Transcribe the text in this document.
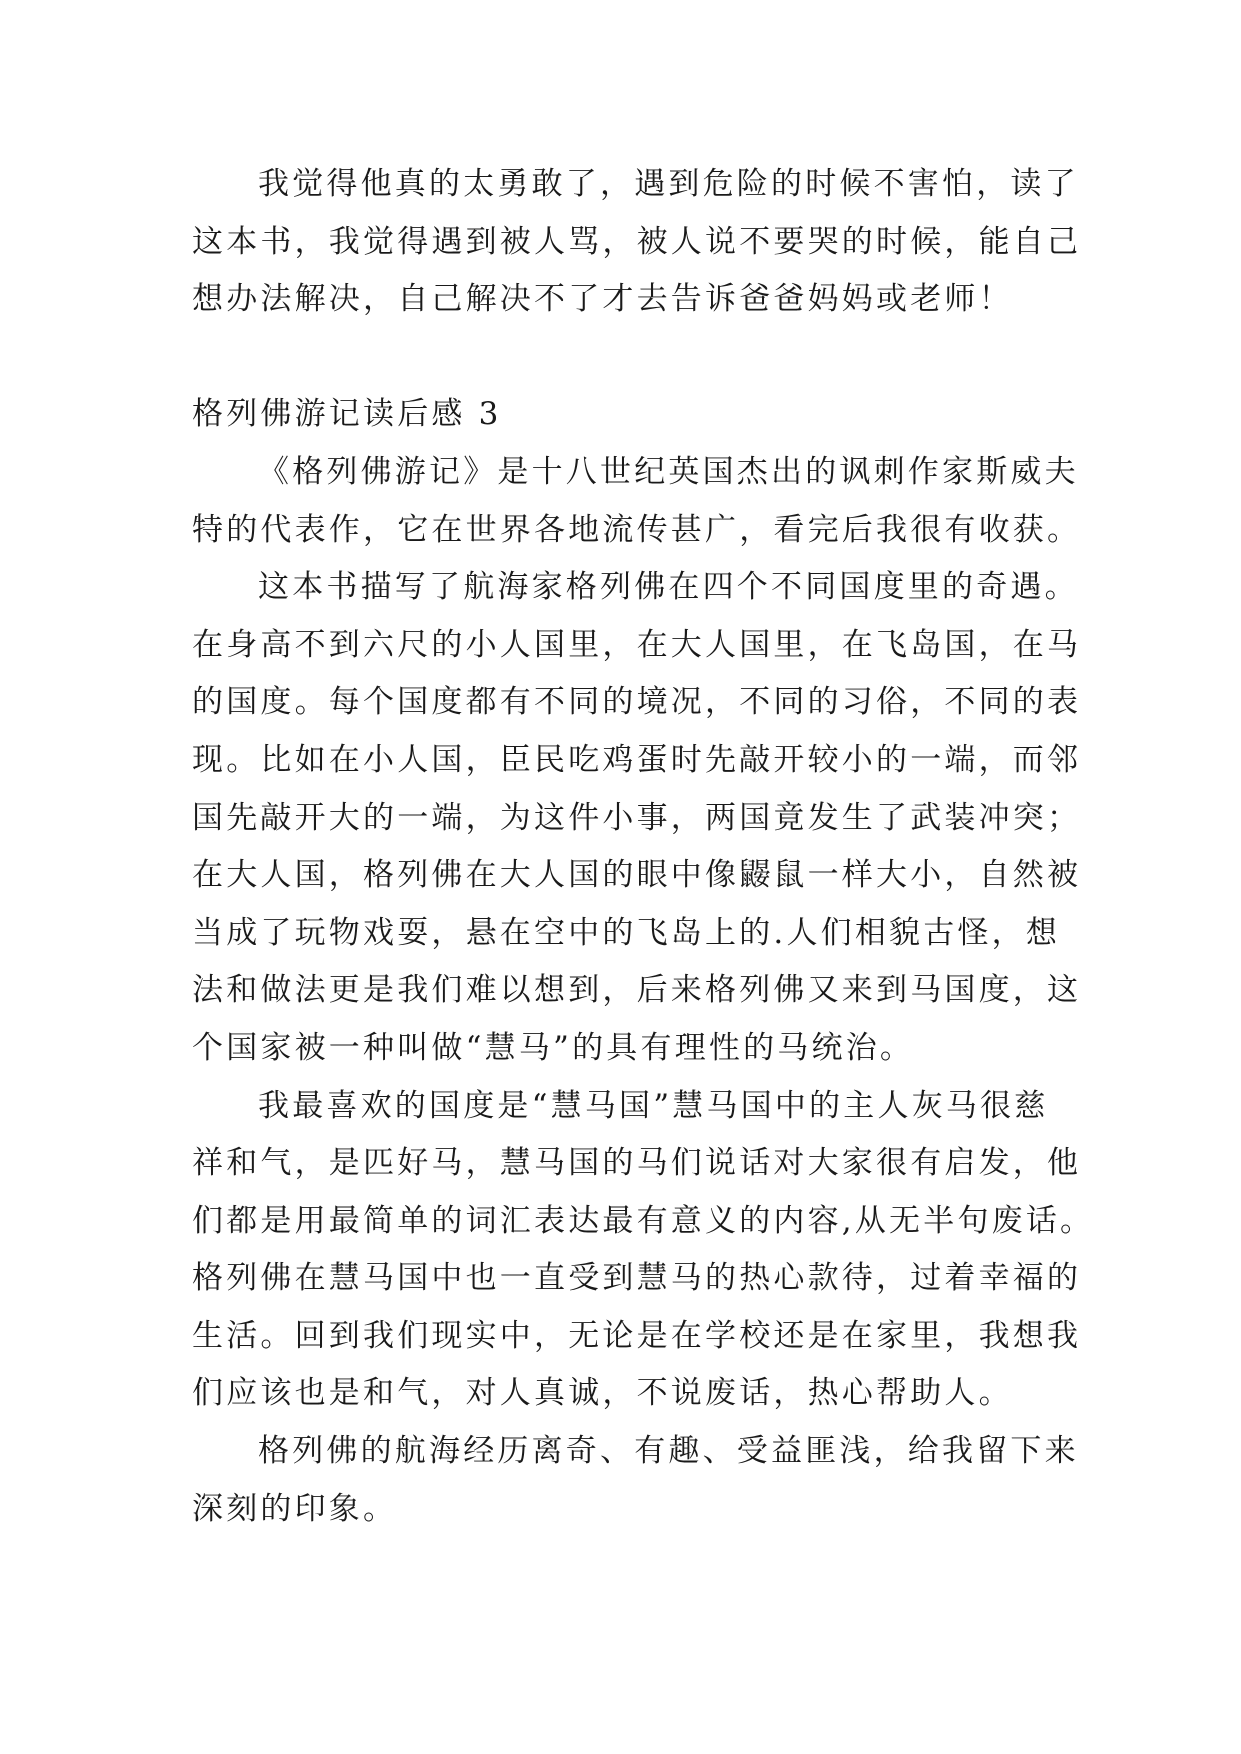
我觉得他真的太勇敢了，遇到危险的时候不害怕，读了
这本书，我觉得遇到被人骂，被人说不要哭的时候，能自己
想办法解决，自己解决不了才去告诉爸爸妈妈或老师！
格列佛游记读后感 3
《格列佛游记》是十八世纪英国杰出的讽刺作家斯威夫
特的代表作，它在世界各地流传甚广，看完后我很有收获。
这本书描写了航海家格列佛在四个不同国度里的奇遇。
在身高不到六尺的小人国里，在大人国里，在飞岛国，在马
的国度。每个国度都有不同的境况，不同的习俗，不同的表
现。比如在小人国，臣民吃鸡蛋时先敲开较小的一端，而邻
国先敲开大的一端，为这件小事，两国竟发生了武装冲突；
在大人国，格列佛在大人国的眼中像鼹鼠一样大小，自然被
当成了玩物戏耍，悬在空中的飞岛上的.人们相貌古怪，想
法和做法更是我们难以想到，后来格列佛又来到马国度，这
个国家被一种叫做“慧马”的具有理性的马统治。
我最喜欢的国度是“慧马国”慧马国中的主人灰马很慈
祥和气，是匹好马，慧马国的马们说话对大家很有启发，他
们都是用最简单的词汇表达最有意义的内容,从无半句废话。
格列佛在慧马国中也一直受到慧马的热心款待，过着幸福的
生活。回到我们现实中，无论是在学校还是在家里，我想我
们应该也是和气，对人真诚，不说废话，热心帮助人。
格列佛的航海经历离奇、有趣、受益匪浅，给我留下来
深刻的印象。
